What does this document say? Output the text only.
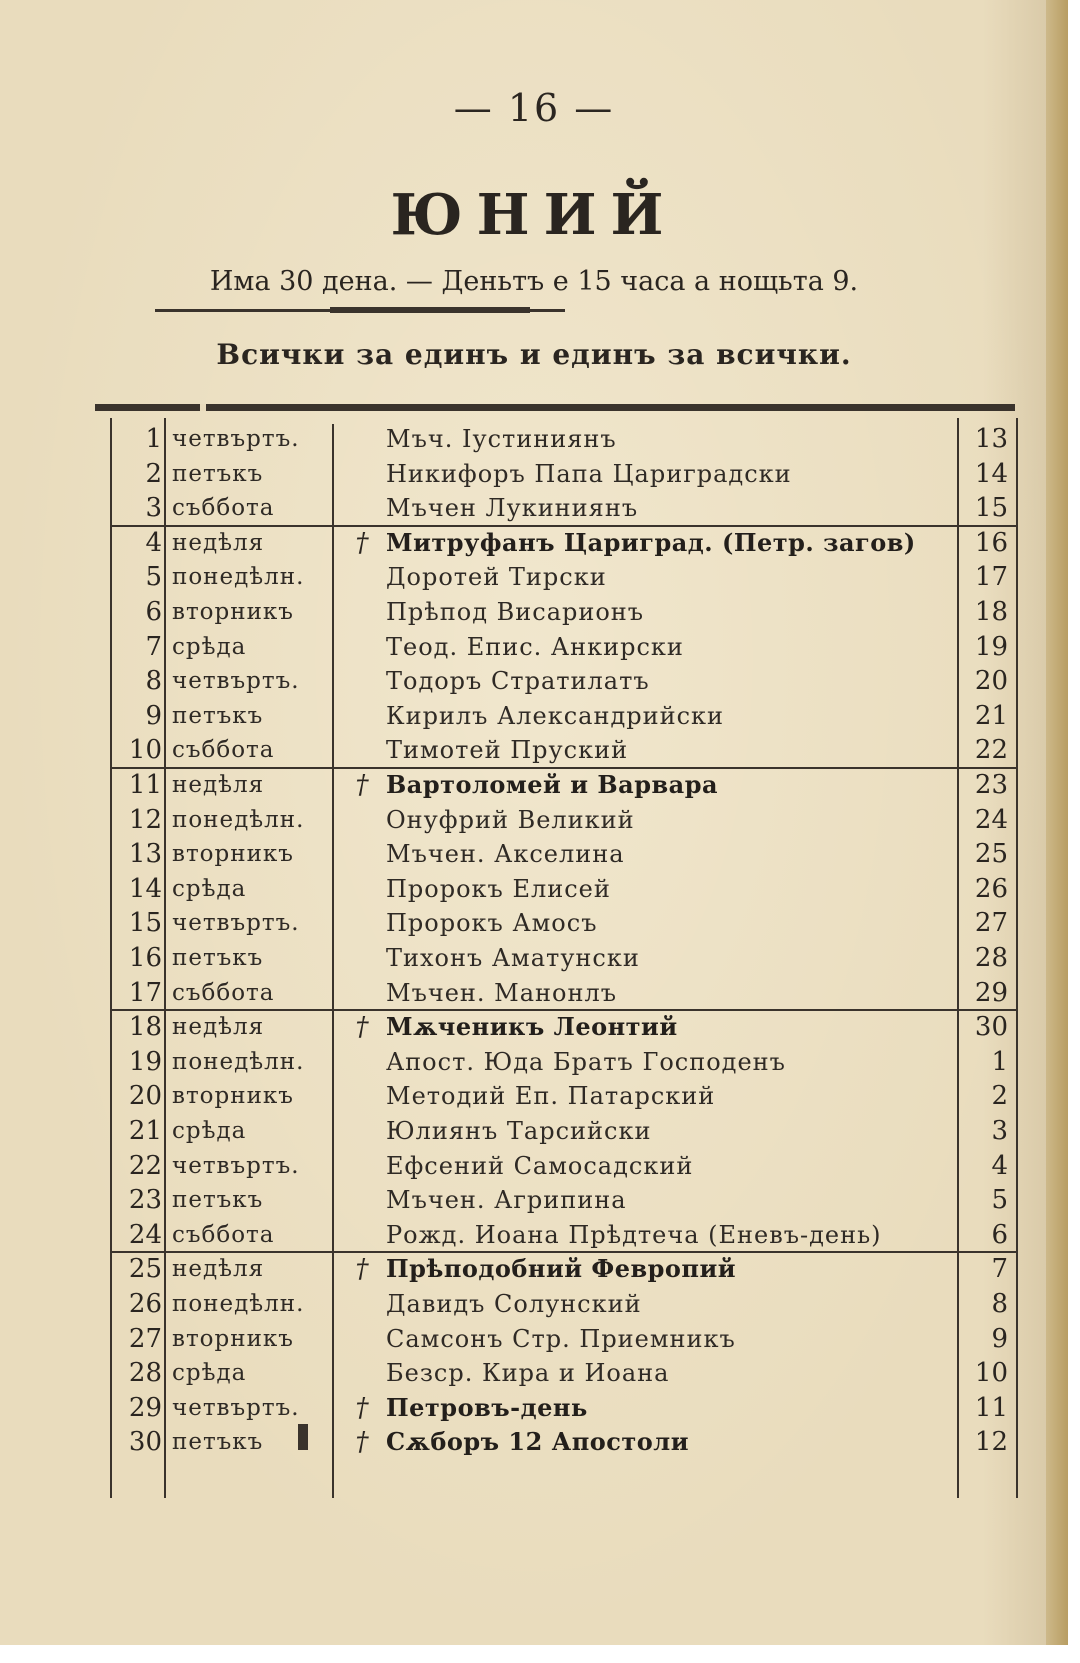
— 16 —
ЮНИЙ
Има 30 дена. — Деньтъ е 15 часа а нощьта 9.
Всички за единъ и единъ за всички.
1 четвъртъ.	Мъч. Іустиниянъ	13
2 петъкъ	Никифоръ Папа Цариградски	14
3 съббота	Мъчен Лукиниянъ	15
4 недѣля	† Митруфанъ Цариград. (Петр. загов)	16
5 понедѣлн.	Доротей Тирски	17
6 вторникъ	Прѣпод Висарионъ	18
7 срѣда	Теод. Епис. Анкирски	19
8 четвъртъ.	Тодоръ Стратилатъ	20
9 петъкъ	Кирилъ Александрийски	21
10 съббота	Тимотей Пруский	22
11 недѣля	† Вартоломей и Варвара	23
12 понедѣлн.	Онуфрий Великий	24
13 вторникъ	Мъчен. Акселина	25
14 срѣда	Пророкъ Елисей	26
15 четвъртъ.	Пророкъ Амосъ	27
16 петъкъ	Тихонъ Аматунски	28
17 съббота	Мъчен. Манонлъ	29
18 недѣля	† Мѫченикъ Леонтий	30
19 понедѣлн.	Апост. Юда Братъ Господенъ	1
20 вторникъ	Методий Еп. Патарский	2
21 срѣда	Юлиянъ Тарсийски	3
22 четвъртъ.	Ефсений Самосадский	4
23 петъкъ	Мъчен. Агрипина	5
24 съббота	Рожд. Иоана Прѣдтеча (Еневъ-день)	6
25 недѣля	† Прѣподобний Февропий	7
26 понедѣлн.	Давидъ Солунский	8
27 вторникъ	Самсонъ Стр. Приемникъ	9
28 срѣда	Безср. Кира и Иоана	10
29 четвъртъ.	† Петровъ-день	11
30 петъкъ	† Сѫборъ 12 Апостоли	12
